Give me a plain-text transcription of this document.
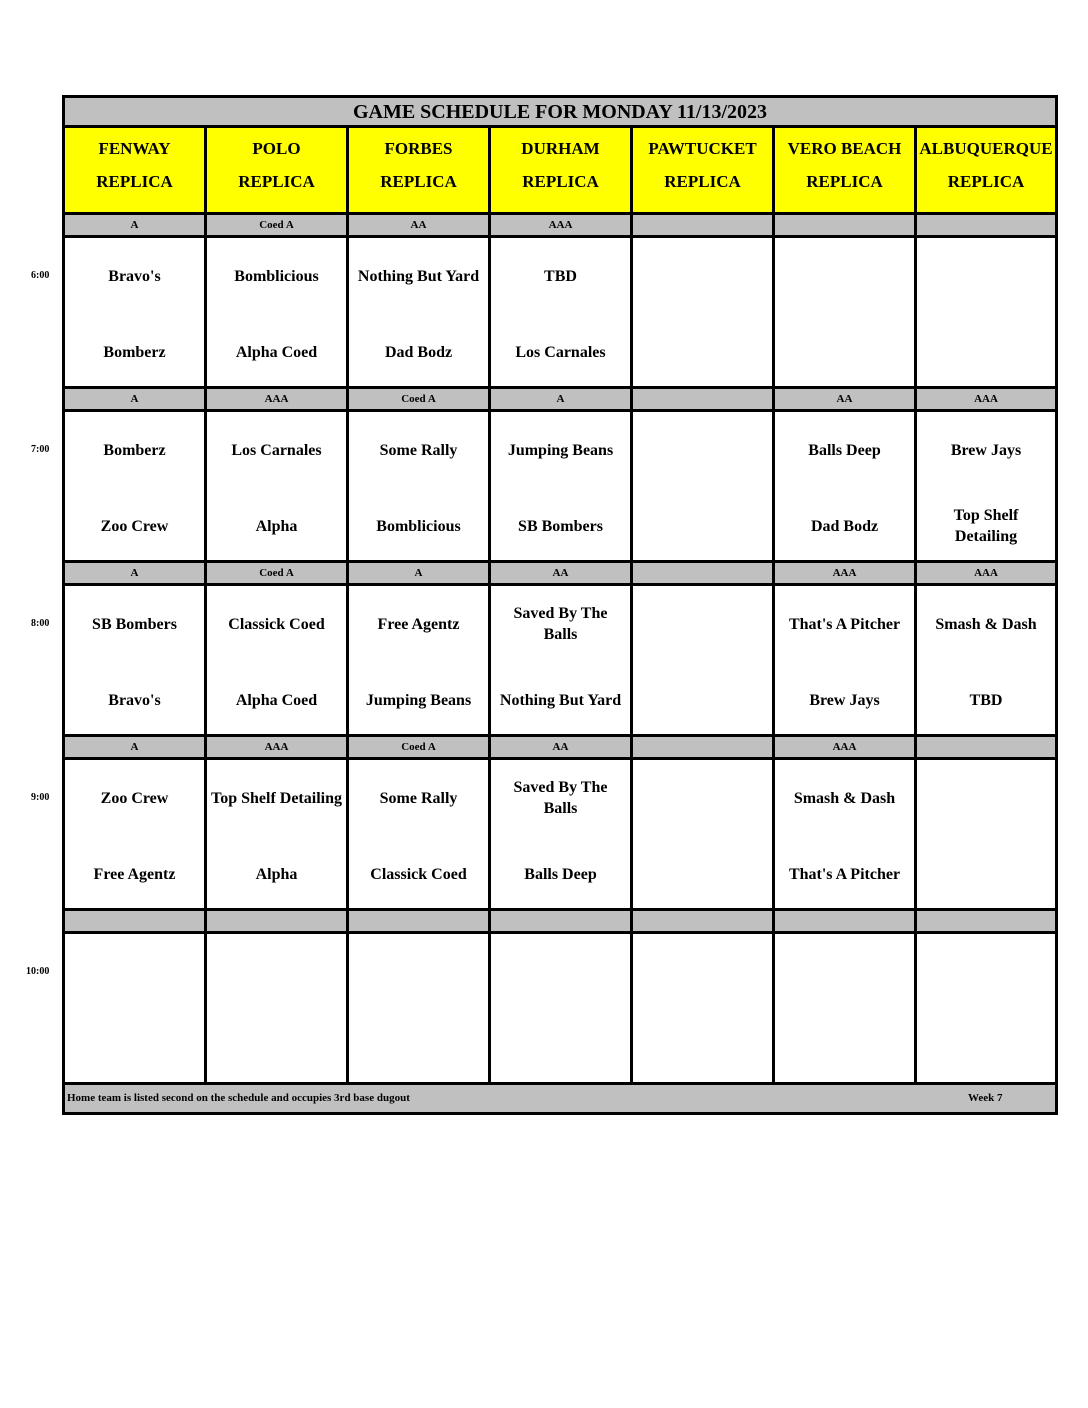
GAME SCHEDULE FOR MONDAY 11/13/2023
FENWAY
REPLICA
POLO
REPLICA
FORBES
REPLICA
DURHAM
REPLICA
PAWTUCKET
REPLICA
VERO BEACH
REPLICA
ALBUQUERQUE
REPLICA
A
Bravo's
Bomberz
Coed A
Bomblicious
Alpha Coed
AA
Nothing But Yard
Dad Bodz
AAA
TBD
Los Carnales
A
Bomberz
Zoo Crew
AAA
Los Carnales
Alpha
Coed A
Some Rally
Bomblicious
A
Jumping Beans
SB Bombers
AA
Balls Deep
Dad Bodz
AAA
Brew Jays
Top Shelf Detailing
A
SB Bombers
Bravo's
Coed A
Classick Coed
Alpha Coed
A
Free Agentz
Jumping Beans
AA
Saved By The Balls
Nothing But Yard
AAA
That's A Pitcher
Brew Jays
AAA
Smash & Dash
TBD
A
Zoo Crew
Free Agentz
AAA
Top Shelf Detailing
Alpha
Coed A
Some Rally
Classick Coed
AA
Saved By The Balls
Balls Deep
AAA
Smash & Dash
That's A Pitcher
Home team is listed second on the schedule and occupies 3rd base dugout	Week 7
6:00
7:00
8:00
9:00
10:00
